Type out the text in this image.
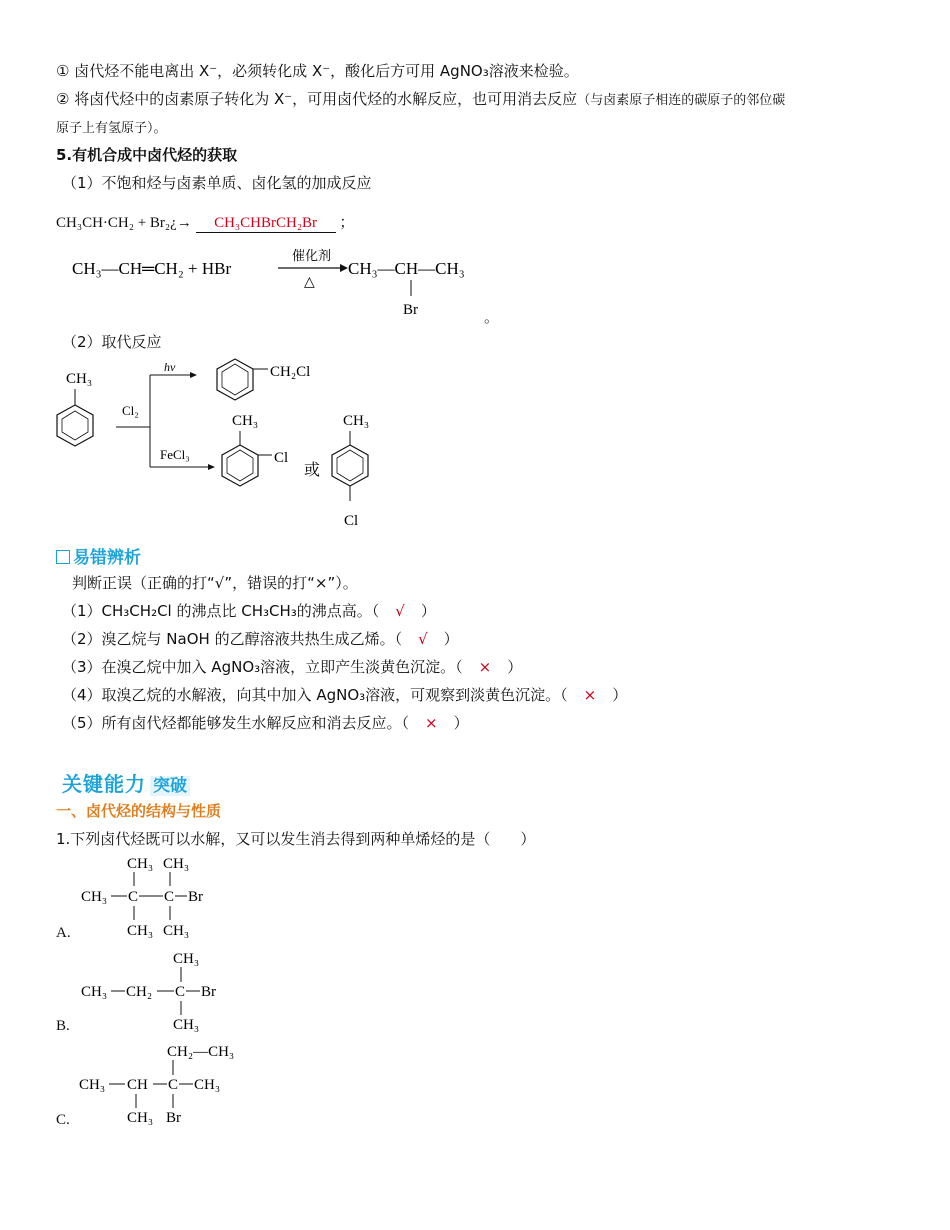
① 卤代烃不能电离出 X⁻，必须转化成 X⁻，酸化后方可用 AgNO₃溶液来检验。
② 将卤代烃中的卤素原子转化为 X⁻，可用卤代烃的水解反应，也可用消去反应（与卤素原子相连的碳原子的邻位碳
原子上有氢原子）。
5.有机合成中卤代烃的获取
（1）不饱和烃与卤素单质、卤化氢的加成反应
CH₃CH·CH₂ + Br₂¿→ CH₃CHBrCH₂Br ；
CH₃—CH═CH₂ + HBr
催化剂
△
CH₃—CH—CH₃
Br	。
（2）取代反应
CH₃
Cl₂
hν
FeCl₃
CH₂Cl
CH₃
Cl
或
CH₃
Cl
易错辨析
判断正误（正确的打“√”，错误的打“×”）。
（1）CH₃CH₂Cl 的沸点比 CH₃CH₃的沸点高。（ √ ）
（2）溴乙烷与 NaOH 的乙醇溶液共热生成乙烯。（ √ ）
（3）在溴乙烷中加入 AgNO₃溶液，立即产生淡黄色沉淀。（ × ）
（4）取溴乙烷的水解液，向其中加入 AgNO₃溶液，可观察到淡黄色沉淀。（ × ）
（5）所有卤代烃都能够发生水解反应和消去反应。（ × ）
关键能力 突破
一、卤代烃的结构与性质
1.下列卤代烃既可以水解，又可以发生消去得到两种单烯烃的是（　　）
CH₃ CH₃
CH₃ C C Br
CH₃ CH₃
A.
CH₃
CH₃ CH₂ C Br
CH₃
B.
CH₂—CH₃
CH₃ CH C CH₃
CH₃ Br
C.
